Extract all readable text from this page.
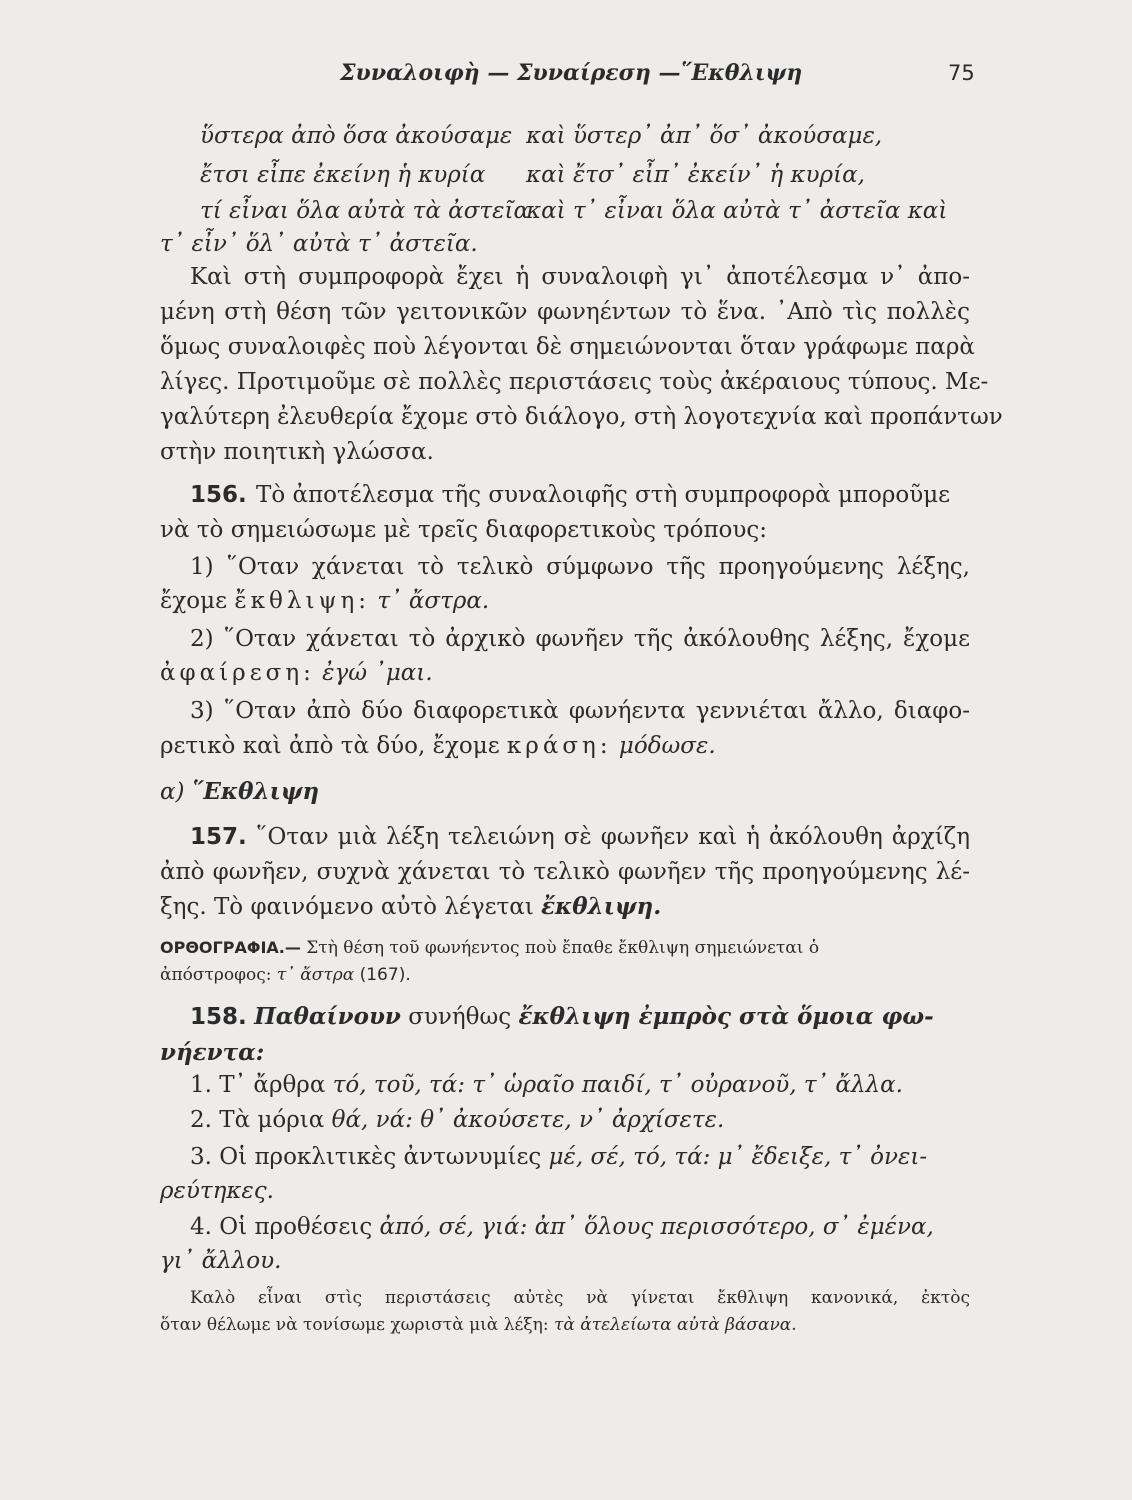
Συναλοιφὴ — Συναίρεση —῞Εκθλιψη	75
ὕστερα ἀπὸ ὅσα ἀκούσαμε καὶ ὕστερ᾽ ἀπ᾽ ὅσ᾽ ἀκούσαμε,
ἔτσι εἶπε ἐκείνη ἡ κυρία καὶ ἔτσ᾽ εἶπ᾽ ἐκείν᾽ ἡ κυρία,
τί εἶναι ὅλα αὐτὰ τὰ ἀστεῖα
καὶ τ᾽ εἶναι ὅλα αὐτὰ τ᾽ ἀστεῖα καὶ
τ᾽ εἶν᾽ ὅλ᾽ αὐτὰ τ᾽ ἀστεῖα.
Καὶ στὴ συμπροφορὰ ἔχει ἡ συναλοιφὴ γι᾽ ἀποτέλεσμα ν᾽ ἀπο-
μένη στὴ θέση τῶν γειτονικῶν φωνηέντων τὸ ἕνα. ᾽Απὸ τὶς πολλὲς
ὅμως συναλοιφὲς ποὺ λέγονται δὲ σημειώνονται ὅταν γράφωμε παρὰ
λίγες. Προτιμοῦμε σὲ πολλὲς περιστάσεις τοὺς ἀκέραιους τύπους. Με-
γαλύτερη ἐλευθερία ἔχομε στὸ διάλογο, στὴ λογοτεχνία καὶ προπάντων
στὴν ποιητικὴ γλώσσα.
156. Τὸ ἀποτέλεσμα τῆς συναλοιφῆς στὴ συμπροφορὰ μποροῦμε
νὰ τὸ σημειώσωμε μὲ τρεῖς διαφορετικοὺς τρόπους:
1) ῞Οταν χάνεται τὸ τελικὸ σύμφωνο τῆς προηγούμενης λέξης,
ἔχομε ἔκθλιψη: τ᾽ ἄστρα.
2) ῞Οταν χάνεται τὸ ἀρχικὸ φωνῆεν τῆς ἀκόλουθης λέξης, ἔχομε
ἀφαίρεση: ἐγώ ᾽μαι.
3) ῞Οταν ἀπὸ δύο διαφορετικὰ φωνήεντα γεννιέται ἄλλο, διαφο-
ρετικὸ καὶ ἀπὸ τὰ δύο, ἔχομε κράση: μόδωσε.
α) ῞Εκθλιψη
157. ῞Οταν μιὰ λέξη τελειώνη σὲ φωνῆεν καὶ ἡ ἀκόλουθη ἀρχίζη
ἀπὸ φωνῆεν, συχνὰ χάνεται τὸ τελικὸ φωνῆεν τῆς προηγούμενης λέ-
ξης. Τὸ φαινόμενο αὐτὸ λέγεται ἔκθλιψη.
ΟΡΘΟΓΡΑΦΙΑ.— Στὴ θέση τοῦ φωνήεντος ποὺ ἔπαθε ἔκθλιψη σημειώνεται ὁ
ἀπόστροφος: τ᾽ ἄστρα (167).
158. Παθαίνουν συνήθως ἔκθλιψη ἐμπρὸς στὰ ὅμοια φω-
νήεντα:
1. Τ᾽ ἄρθρα τό, τοῦ, τά: τ᾽ ὡραῖο παιδί, τ᾽ οὐρανοῦ, τ᾽ ἄλλα.
2. Τὰ μόρια θά, νά: θ᾽ ἀκούσετε, ν᾽ ἀρχίσετε.
3. Οἱ προκλιτικὲς ἀντωνυμίες μέ, σέ, τό, τά: μ᾽ ἔδειξε, τ᾽ ὀνει-
ρεύτηκες.
4. Οἱ προθέσεις ἀπό, σέ, γιά: ἀπ᾽ ὅλους περισσότερο, σ᾽ ἐμένα,
γι᾽ ἄλλου.
Καλὸ εἶναι στὶς περιστάσεις αὐτὲς νὰ γίνεται ἔκθλιψη κανονικά, ἐκτὸς
ὅταν θέλωμε νὰ τονίσωμε χωριστὰ μιὰ λέξη: τὰ ἀτελείωτα αὐτὰ βάσανα.
